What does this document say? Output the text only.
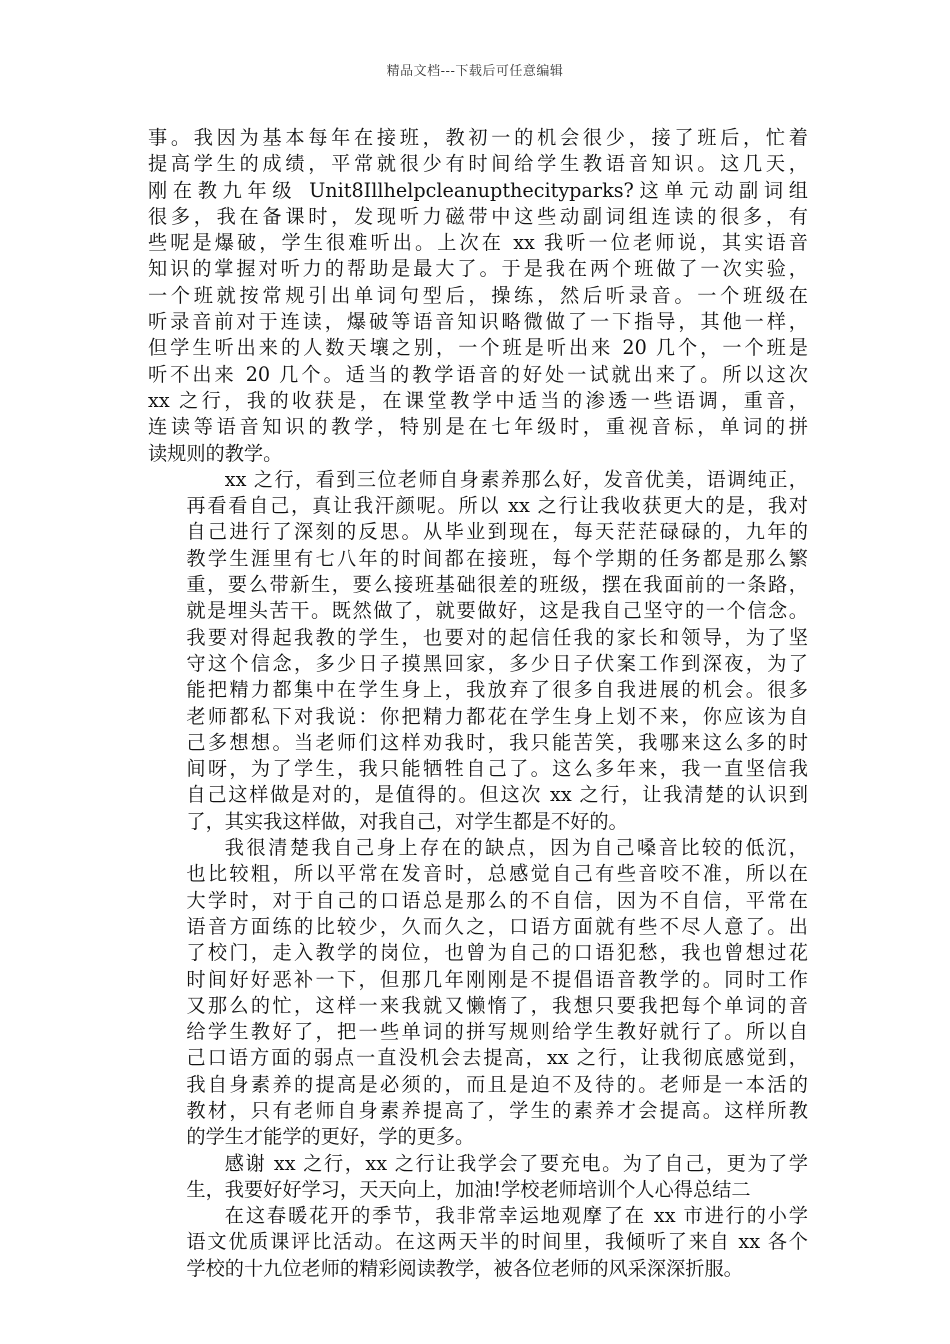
精品文档---下载后可任意编辑
事。我因为基本每年在接班，教初一的机会很少，接了班后，忙着
提高学生的成绩，平常就很少有时间给学生教语音知识。这几天，
刚在教九年级 Unit8Illhelpcleanupthecityparks?这单元动副词组
很多，我在备课时，发现听力磁带中这些动副词组连读的很多，有
些呢是爆破，学生很难听出。上次在 xx 我听一位老师说，其实语音
知识的掌握对听力的帮助是最大了。于是我在两个班做了一次实验，
一个班就按常规引出单词句型后，操练，然后听录音。一个班级在
听录音前对于连读，爆破等语音知识略微做了一下指导，其他一样，
但学生听出来的人数天壤之别，一个班是听出来 20 几个，一个班是
听不出来 20 几个。适当的教学语音的好处一试就出来了。所以这次
xx 之行，我的收获是，在课堂教学中适当的渗透一些语调，重音，
连读等语音知识的教学，特别是在七年级时，重视音标，单词的拼
读规则的教学。
xx 之行，看到三位老师自身素养那么好，发音优美，语调纯正，
再看看自己，真让我汗颜呢。所以 xx 之行让我收获更大的是，我对
自己进行了深刻的反思。从毕业到现在，每天茫茫碌碌的，九年的
教学生涯里有七八年的时间都在接班，每个学期的任务都是那么繁
重，要么带新生，要么接班基础很差的班级，摆在我面前的一条路，
就是埋头苦干。既然做了，就要做好，这是我自己坚守的一个信念。
我要对得起我教的学生，也要对的起信任我的家长和领导，为了坚
守这个信念，多少日子摸黑回家，多少日子伏案工作到深夜，为了
能把精力都集中在学生身上，我放弃了很多自我进展的机会。很多
老师都私下对我说：你把精力都花在学生身上划不来，你应该为自
己多想想。当老师们这样劝我时，我只能苦笑，我哪来这么多的时
间呀，为了学生，我只能牺牲自己了。这么多年来，我一直坚信我
自己这样做是对的，是值得的。但这次 xx 之行，让我清楚的认识到
了，其实我这样做，对我自己，对学生都是不好的。
我很清楚我自己身上存在的缺点，因为自己嗓音比较的低沉，
也比较粗，所以平常在发音时，总感觉自己有些音咬不准，所以在
大学时，对于自己的口语总是那么的不自信，因为不自信，平常在
语音方面练的比较少，久而久之，口语方面就有些不尽人意了。出
了校门，走入教学的岗位，也曾为自己的口语犯愁，我也曾想过花
时间好好恶补一下，但那几年刚刚是不提倡语音教学的。同时工作
又那么的忙，这样一来我就又懒惰了，我想只要我把每个单词的音
给学生教好了，把一些单词的拼写规则给学生教好就行了。所以自
己口语方面的弱点一直没机会去提高，xx 之行，让我彻底感觉到，
我自身素养的提高是必须的，而且是迫不及待的。老师是一本活的
教材，只有老师自身素养提高了，学生的素养才会提高。这样所教
的学生才能学的更好，学的更多。
感谢 xx 之行，xx 之行让我学会了要充电。为了自己，更为了学
生，我要好好学习，天天向上，加油!学校老师培训个人心得总结二
在这春暖花开的季节，我非常幸运地观摩了在 xx 市进行的小学
语文优质课评比活动。在这两天半的时间里，我倾听了来自 xx 各个
学校的十九位老师的精彩阅读教学，被各位老师的风采深深折服。
